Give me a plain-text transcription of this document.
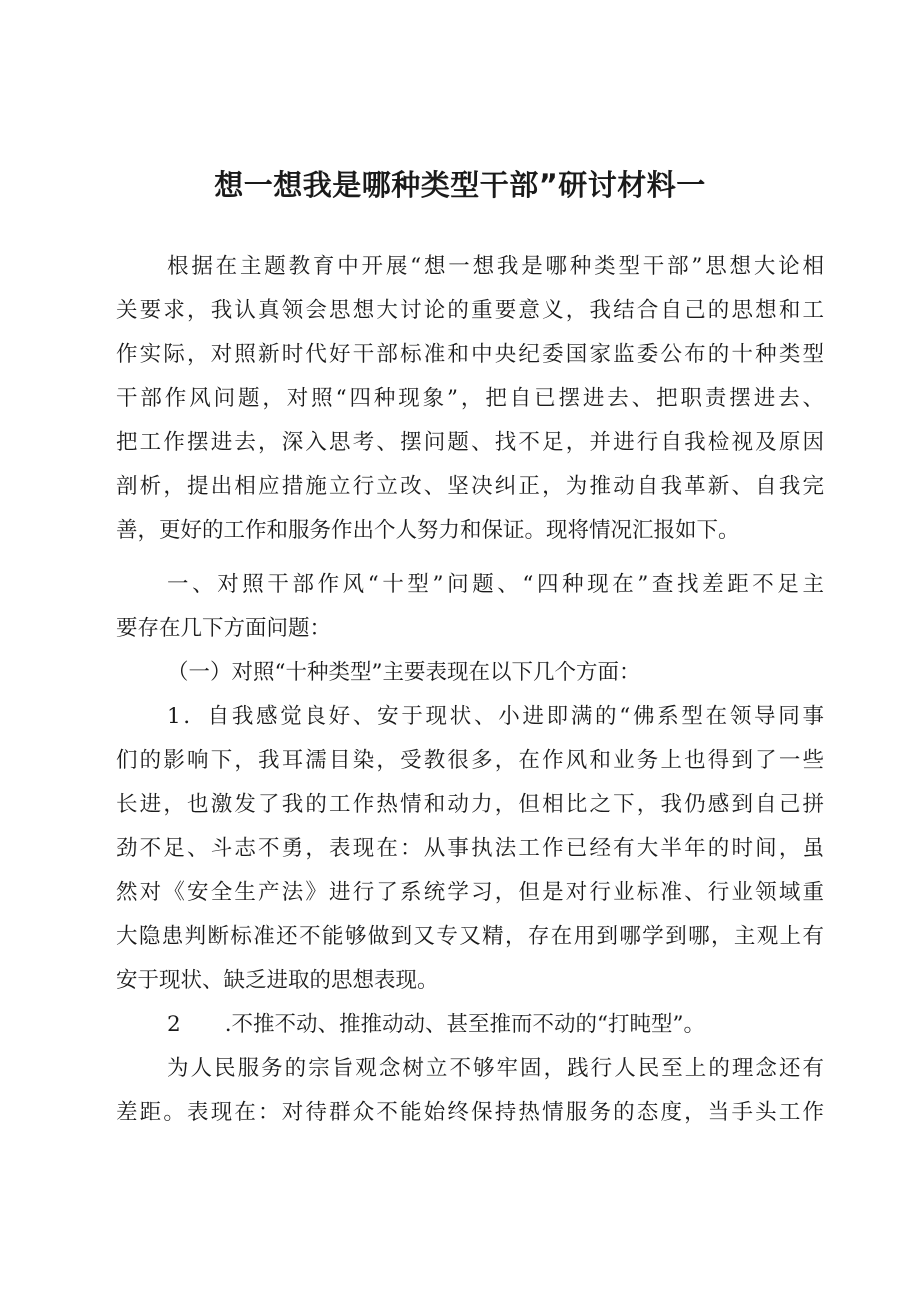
想一想我是哪种类型干部”研讨材料一
根据在主题教育中开展“想一想我是哪种类型干部”思想大论相
关要求，我认真领会思想大讨论的重要意义，我结合自己的思想和工
作实际，对照新时代好干部标准和中央纪委国家监委公布的十种类型
干部作风问题，对照“四种现象”，把自已摆进去、把职责摆进去、
把工作摆进去，深入思考、摆问题、找不足，并进行自我检视及原因
剖析，提出相应措施立行立改、坚决纠正，为推动自我革新、自我完
善，更好的工作和服务作出个人努力和保证。现将情况汇报如下。
一、对照干部作风“十型”问题、“四种现在”查找差距不足主
要存在几下方面问题：
（一）对照“十种类型”主要表现在以下几个方面：
1．自我感觉良好、安于现状、小进即满的“佛系型在领导同事
们的影响下，我耳濡目染，受教很多，在作风和业务上也得到了一些
长进，也激发了我的工作热情和动力，但相比之下，我仍感到自己拼
劲不足、斗志不勇，表现在：从事执法工作已经有大半年的时间，虽
然对《安全生产法》进行了系统学习，但是对行业标准、行业领域重
大隐患判断标准还不能够做到又专又精，存在用到哪学到哪，主观上有
安于现状、缺乏进取的思想表现。
2 .不推不动、推推动动、甚至推而不动的“打盹型”。
为人民服务的宗旨观念树立不够牢固，践行人民至上的理念还有
差距。表现在：对待群众不能始终保持热情服务的态度，当手头工作
